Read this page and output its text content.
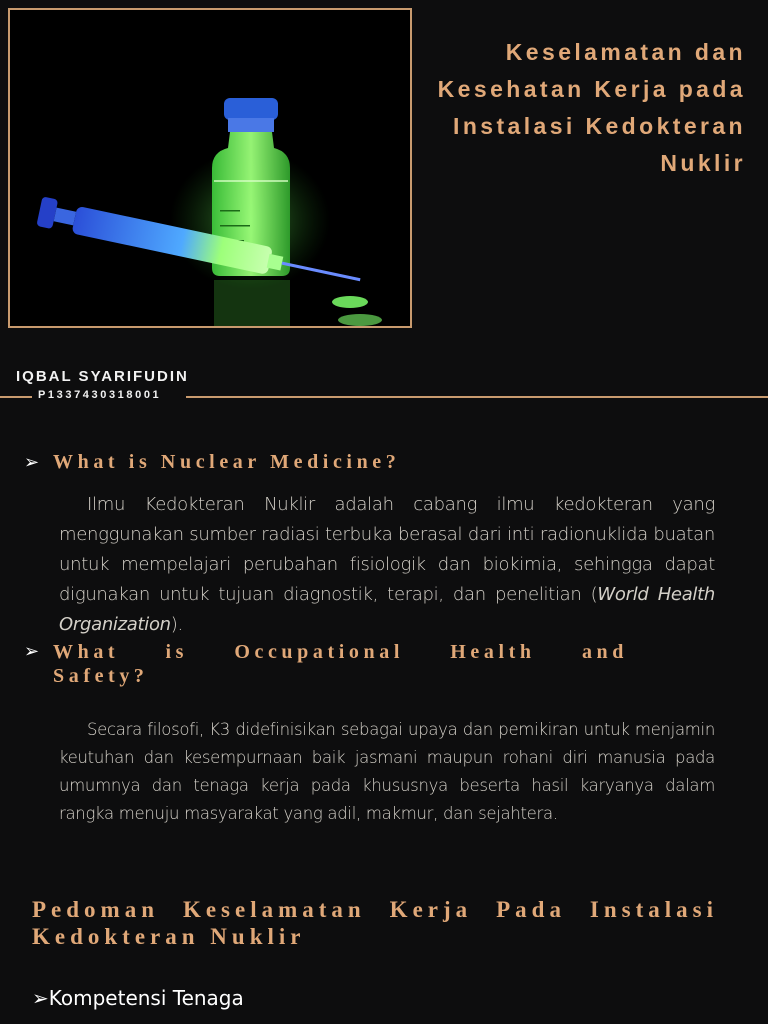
Keselamatan dan
Kesehatan Kerja pada
Instalasi Kedokteran
Nuklir
IQBAL SYARIFUDIN
P1337430318001
➢ What is Nuclear Medicine?
Ilmu Kedokteran Nuklir adalah cabang ilmu kedokteran yang menggunakan sumber radiasi terbuka berasal dari inti radionuklida buatan untuk mempelajari perubahan fisiologik dan biokimia, sehingga dapat digunakan untuk tujuan diagnostik, terapi, dan penelitian (World Health Organization).
➢ What is Occupational Health and
Safety?
Secara filosofi, K3 didefinisikan sebagai upaya dan pemikiran untuk menjamin keutuhan dan kesempurnaan baik jasmani maupun rohani diri manusia pada umumnya dan tenaga kerja pada khususnya beserta hasil karyanya dalam rangka menuju masyarakat yang adil, makmur, dan sejahtera.
Pedoman Keselamatan Kerja Pada Instalasi
Kedokteran Nuklir
➢Kompetensi Tenaga
